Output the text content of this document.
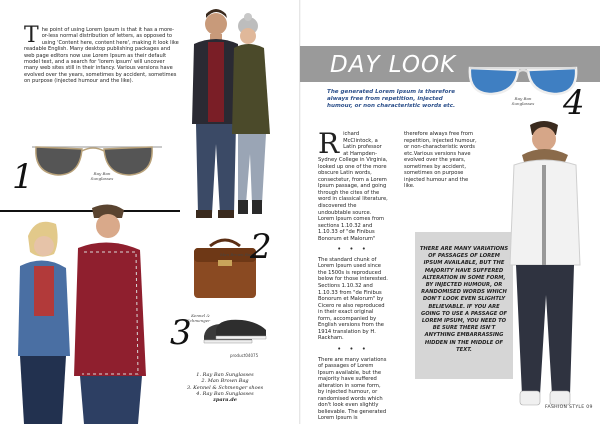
The point of using Lorem Ipsum is that it has a more-or-less normal distribution of letters, as opposed to using 'Content here, content here', making it look like readable English. Many desktop publishing packages and web page editors now use Lorem Ipsum as their default model text, and a search for 'lorem ipsum' will uncover many web sites still in their infancy. Various versions have evolved over the years, sometimes by accident, sometimes on purpose (injected humour and the like).
1	Ray Ban Sunglasses
Man Brown Bag
2
3 Kennel & Schmenger
product04075
1. Ray Ban Sunglasses
2. Man Brown Bag
3. Kennel & Schmenger shoes
4. Ray Ban Sunglasses
zpara.de
DAY LOOK
Ray Ban Sunglasses 4
The generated Lorem Ipsum is therefore always free from repetition, injected humour, or non characteristic words etc.
Richard McClintock, a Latin professor at Hampden-Sydney College in Virginia, looked up one of the more obscure Latin words, consectetur, from a Lorem Ipsum passage, and going through the cites of the word in classical literature, discovered the undoubtable source. Lorem Ipsum comes from sections 1.10.32 and 1.10.33 of "de Finibus Bonorum et Malorum"
• • •
The standard chunk of Lorem Ipsum used since the 1500s is reproduced below for those interested. Sections 1.10.32 and 1.10.33 from "de Finibus Bonorum et Malorum" by Cicero re also reproduced in their exact original form, accompanied by English versions from the 1914 translation by H. Rackham.
• • •
There are many variations of passages of Lorem Ipsum available, but the majority have suffered alteration in some form, by injected humour, or randomised words which don't look even slightly believable. The generated Lorem Ipsum is
therefore always free from repetition, injected humour, or non-characteristic words etc.Various versions have evolved over the years, sometimes by accident, sometimes on purpose injected humour and the like.
THERE ARE MANY VARIATIONS OF PASSAGES OF LOREM IPSUM AVAILABLE, BUT THE MAJORITY HAVE SUFFERED ALTERATION IN SOME FORM, BY INJECTED HUMOUR, OR RANDOMISED WORDS WHICH DON'T LOOK EVEN SLIGHTLY BELIEVABLE. IF YOU ARE GOING TO USE A PASSAGE OF LOREM IPSUM, YOU NEED TO BE SURE THERE ISN'T ANYTHING EMBARRASSING HIDDEN IN THE MIDDLE OF TEXT.
FASHION STYLE 09
